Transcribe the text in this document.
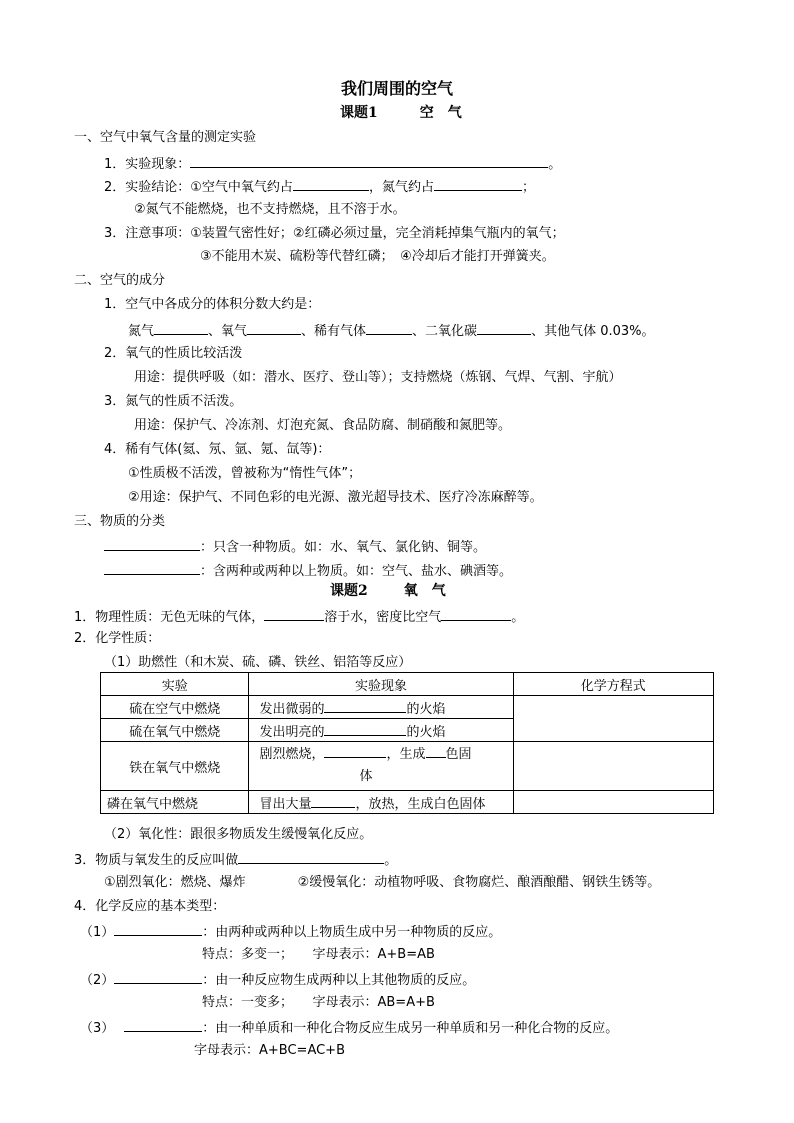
我们周围的空气
课题1	空　气
一、空气中氧气含量的测定实验
1．实验现象：	。
2．实验结论：①空气中氧气约占	，氮气约占	；
②氮气不能燃烧，也不支持燃烧，且不溶于水。
3．注意事项：①装置气密性好；②红磷必须过量，完全消耗掉集气瓶内的氧气；
③不能用木炭、硫粉等代替红磷；　④冷却后才能打开弹簧夹。
二、空气的成分
1．空气中各成分的体积分数大约是：
氮气	、氧气	、稀有气体	、二氧化碳	、其他气体 0.03%。
2．氧气的性质比较活泼
用途：提供呼吸（如：潜水、医疗、登山等）；支持燃烧（炼钢、气焊、气割、宇航）
3．氮气的性质不活泼。
用途：保护气、冷冻剂、灯泡充氮、食品防腐、制硝酸和氮肥等。
4．稀有气体(氦、氖、氩、氪、氙等)：
①性质极不活泼，曾被称为“惰性气体”；
②用途：保护气、不同色彩的电光源、激光超导技术、医疗冷冻麻醉等。
三、物质的分类
：只含一种物质。如：水、氧气、氯化钠、铜等。
：含两种或两种以上物质。如：空气、盐水、碘酒等。
课题2	氧　气
1．物理性质：无色无味的气体，	溶于水，密度比空气	。
2．化学性质：
（1）助燃性（和木炭、硫、磷、铁丝、铝箔等反应）
实验	实验现象	化学方程式
硫在空气中燃烧	发出微弱的 的火焰	
硫在氧气中燃烧	发出明亮的 的火焰	
铁在氧气中燃烧	剧烈燃烧， ，生成 色固
体	

磷在氧气中燃烧	冒出大量 ，放热，生成白色固体	
（2）氧化性：跟很多物质发生缓慢氧化反应。
3．物质与氧发生的反应叫做	。
①剧烈氧化：燃烧、爆炸　　　　②缓慢氧化：动植物呼吸、食物腐烂、酿酒酿醋、钢铁生锈等。
4．化学反应的基本类型：
（1）	：由两种或两种以上物质生成中另一种物质的反应。
特点：多变一；　　字母表示：A+B=AB
（2）	：由一种反应物生成两种以上其他物质的反应。
特点：一变多；　　字母表示：AB=A+B
（3）	：由一种单质和一种化合物反应生成另一种单质和另一种化合物的反应。
字母表示：A+BC=AC+B
